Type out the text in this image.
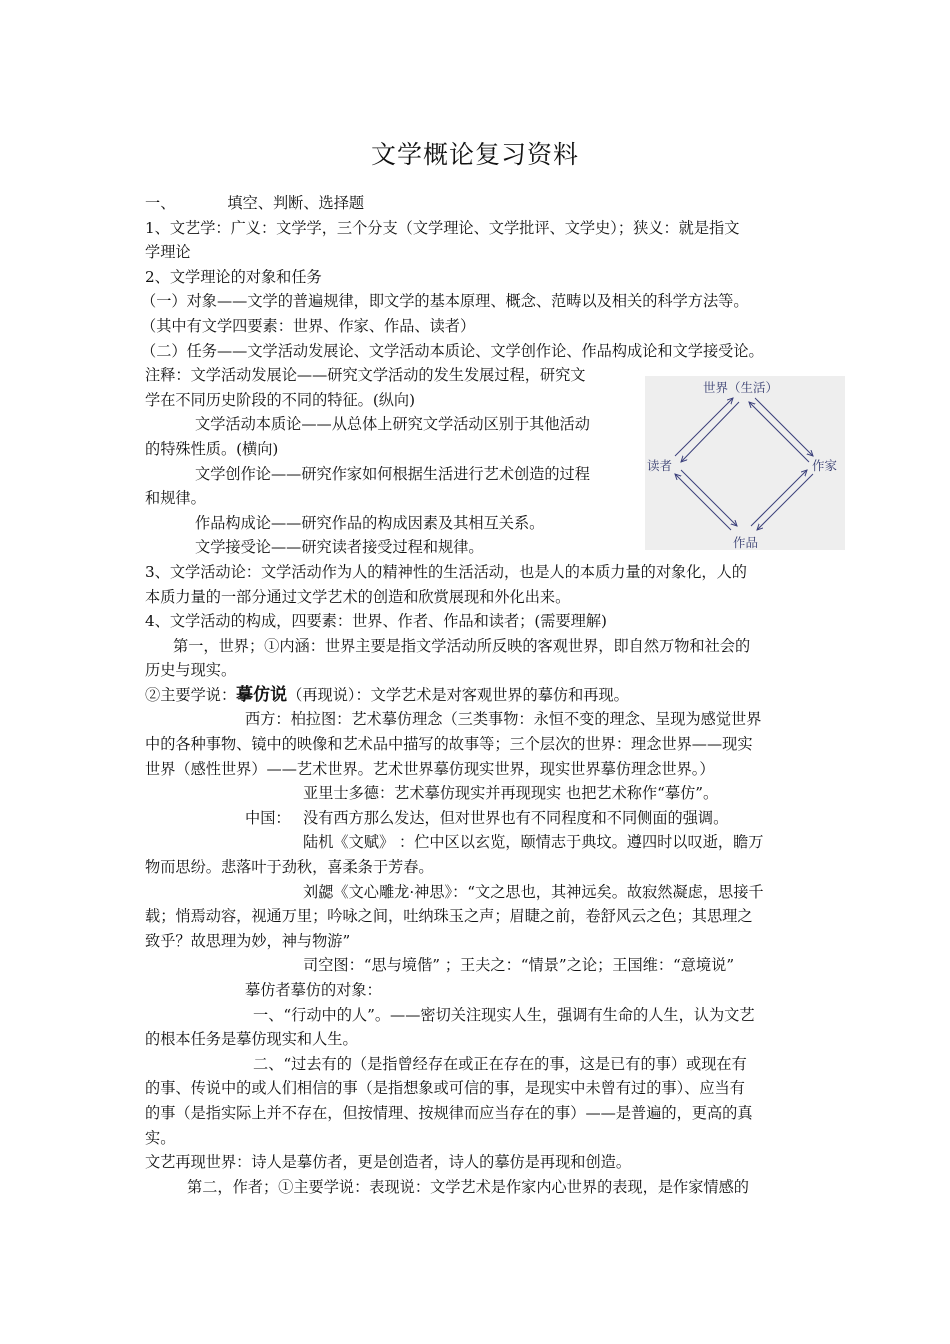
文学概论复习资料

一、	填空、判断、选择题

1、文艺学：广义：文学学，三个分支（文学理论、文学批评、文学史）；狭义：就是指文

学理论

2、文学理论的对象和任务

（一）对象——文学的普遍规律，即文学的基本原理、概念、范畴以及相关的科学方法等。

（其中有文学四要素：世界、作家、作品、读者）

（二）任务——文学活动发展论、文学活动本质论、文学创作论、作品构成论和文学接受论。

注释：文学活动发展论——研究文学活动的发生发展过程，研究文

学在不同历史阶段的不同的特征。(纵向)

文学活动本质论——从总体上研究文学活动区别于其他活动

的特殊性质。(横向)

文学创作论——研究作家如何根据生活进行艺术创造的过程

和规律。

作品构成论——研究作品的构成因素及其相互关系。

文学接受论——研究读者接受过程和规律。

3、文学活动论：文学活动作为人的精神性的生活活动，也是人的本质力量的对象化，人的

本质力量的一部分通过文学艺术的创造和欣赏展现和外化出来。

4、文学活动的构成，四要素：世界、作者、作品和读者；(需要理解)

第一，世界；①内涵：世界主要是指文学活动所反映的客观世界，即自然万物和社会的

历史与现实。

②主要学说：摹仿说（再现说）：文学艺术是对客观世界的摹仿和再现。

西方：柏拉图：艺术摹仿理念（三类事物：永恒不变的理念、呈现为感觉世界

中的各种事物、镜中的映像和艺术品中描写的故事等；三个层次的世界：理念世界——现实

世界（感性世界）——艺术世界。艺术世界摹仿现实世界，现实世界摹仿理念世界。）

亚里士多德：艺术摹仿现实并再现现实 也把艺术称作“摹仿”。

中国： 没有西方那么发达，但对世界也有不同程度和不同侧面的强调。

陆机《文赋》 ：伫中区以玄览，颐情志于典坟。遵四时以叹逝，瞻万

物而思纷。悲落叶于劲秋，喜柔条于芳春。

刘勰《文心雕龙·神思》：“文之思也，其神远矣。故寂然凝虑，思接千

载；悄焉动容，视通万里；吟咏之间，吐纳珠玉之声；眉睫之前，卷舒风云之色；其思理之

致乎？故思理为妙，神与物游”

司空图：“思与境偕” ；王夫之：“情景”之论；王国维：“意境说”

摹仿者摹仿的对象：

一、“行动中的人”。——密切关注现实人生，强调有生命的人生，认为文艺

的根本任务是摹仿现实和人生。

二、“过去有的（是指曾经存在或正在存在的事，这是已有的事）或现在有

的事、传说中的或人们相信的事（是指想象或可信的事，是现实中未曾有过的事）、应当有

的事（是指实际上并不存在，但按情理、按规律而应当存在的事）——是普遍的，更高的真

实。

文艺再现世界：诗人是摹仿者，更是创造者，诗人的摹仿是再现和创造。

第二，作者；①主要学说：表现说：文学艺术是作家内心世界的表现，是作家情感的

世界（生活）
读者	作家
作品
